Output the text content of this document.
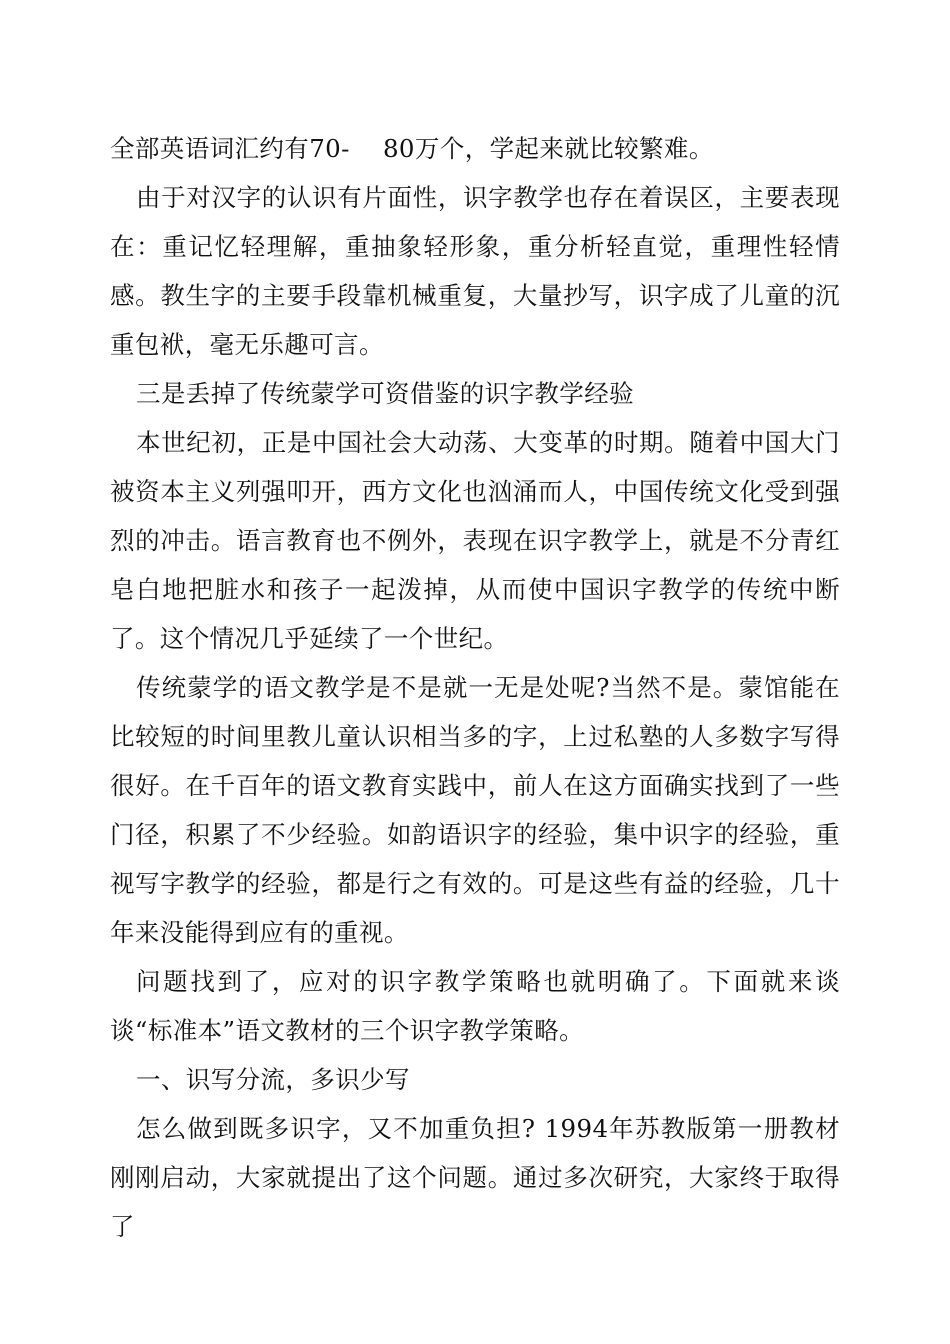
全部英语词汇约有70-　 80万个，学起来就比较繁难。

由于对汉字的认识有片面性，识字教学也存在着误区，主要表现在：重记忆轻理解，重抽象轻形象，重分析轻直觉，重理性轻情感。教生字的主要手段靠机械重复，大量抄写，识字成了儿童的沉重包袱，毫无乐趣可言。

三是丢掉了传统蒙学可资借鉴的识字教学经验

本世纪初，正是中国社会大动荡、大变革的时期。随着中国大门被资本主义列强叩开，西方文化也汹涌而人，中国传统文化受到强烈的冲击。语言教育也不例外，表现在识字教学上，就是不分青红皂白地把脏水和孩子一起泼掉，从而使中国识字教学的传统中断了。这个情况几乎延续了一个世纪。

传统蒙学的语文教学是不是就一无是处呢?当然不是。蒙馆能在比较短的时间里教儿童认识相当多的字，上过私塾的人多数字写得很好。在千百年的语文教育实践中，前人在这方面确实找到了一些门径，积累了不少经验。如韵语识字的经验，集中识字的经验，重视写字教学的经验，都是行之有效的。可是这些有益的经验，几十年来没能得到应有的重视。

问题找到了，应对的识字教学策略也就明确了。下面就来谈谈“标准本”语文教材的三个识字教学策略。

一、识写分流，多识少写

怎么做到既多识字，又不加重负担? 1994年苏教版第一册教材刚刚启动，大家就提出了这个问题。通过多次研究，大家终于取得了
